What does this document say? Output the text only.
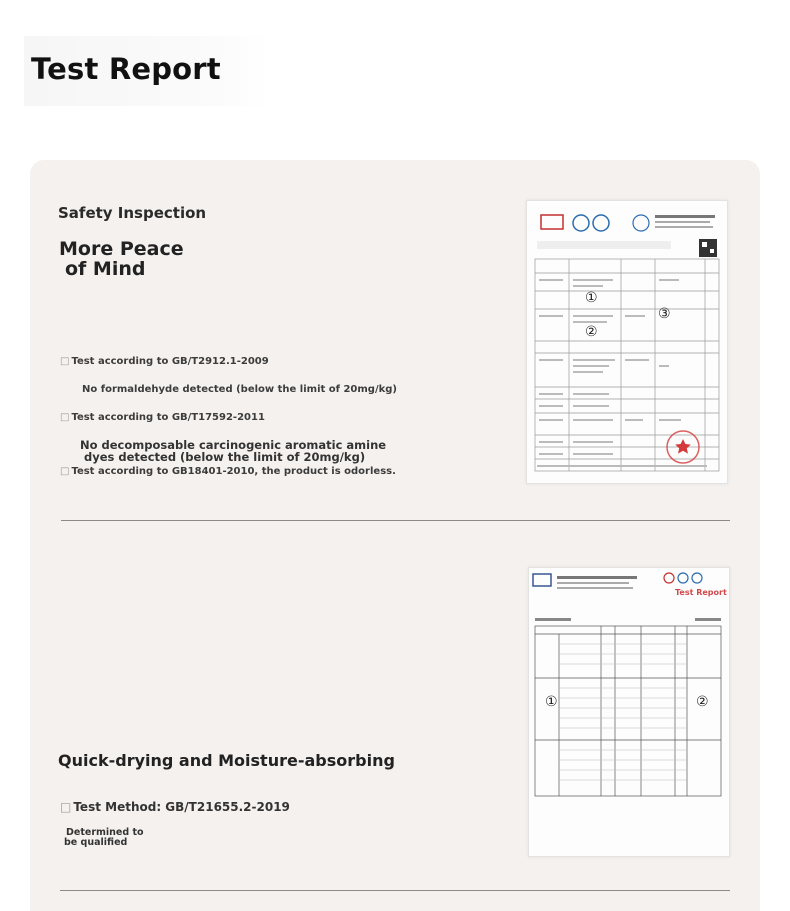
Test Report
Safety Inspection
More Peace
of Mind
□ Test according to GB/T2912.1-2009
No formaldehyde detected (below the limit of 20mg/kg)
□ Test according to GB/T17592-2011
No decomposable carcinogenic aromatic amine
dyes detected (below the limit of 20mg/kg)
□ Test according to GB18401-2010, the product is odorless.
①
②
③
Quick-drying and Moisture-absorbing
□ Test Method: GB/T21655.2-2019
Determined to
be qualified
Test Report
①	②
